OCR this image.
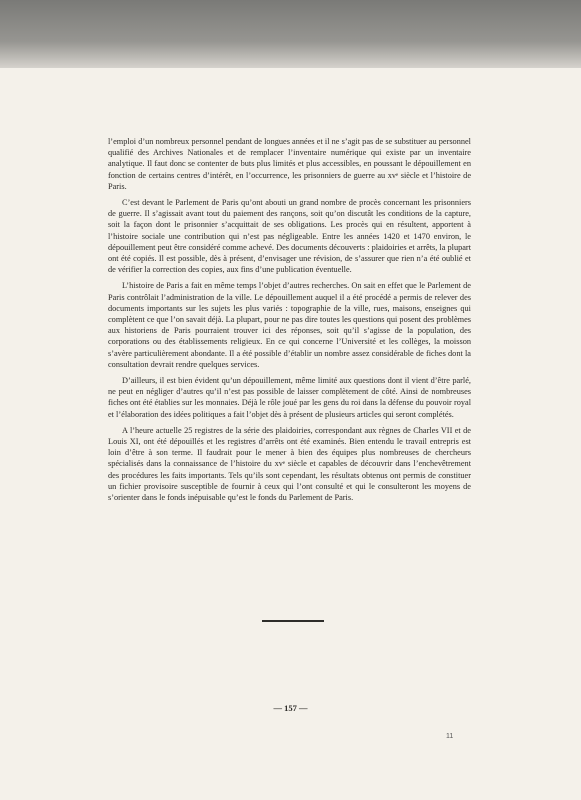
l’emploi d’un nombreux personnel pendant de longues années et il ne s’agit pas de se substituer au personnel qualifié des Archives Nationales et de remplacer l’inventaire numérique qui existe par un inventaire analytique. Il faut donc se contenter de buts plus limités et plus accessibles, en poussant le dépouillement en fonction de certains centres d’intérêt, en l’occurrence, les prisonniers de guerre au xvᵉ siècle et l’histoire de Paris.

C’est devant le Parlement de Paris qu’ont abouti un grand nombre de procès concernant les prisonniers de guerre. Il s’agissait avant tout du paiement des rançons, soit qu’on discutât les conditions de la capture, soit la façon dont le prisonnier s’acquittait de ses obligations. Les procès qui en résultent, apportent à l’histoire sociale une contribution qui n’est pas négligeable. Entre les années 1420 et 1470 environ, le dépouillement peut être considéré comme achevé. Des documents découverts : plaidoiries et arrêts, la plupart ont été copiés. Il est possible, dès à présent, d’envisager une révision, de s’assurer que rien n’a été oublié et de vérifier la correction des copies, aux fins d’une publication éventuelle.

L’histoire de Paris a fait en même temps l’objet d’autres recherches. On sait en effet que le Parlement de Paris contrôlait l’administration de la ville. Le dépouillement auquel il a été procédé a permis de relever des documents importants sur les sujets les plus variés : topographie de la ville, rues, maisons, enseignes qui complètent ce que l’on savait déjà. La plupart, pour ne pas dire toutes les questions qui posent des problèmes aux historiens de Paris pourraient trouver ici des réponses, soit qu’il s’agisse de la population, des corporations ou des établissements religieux. En ce qui concerne l’Université et les collèges, la moisson s’avère particulièrement abondante. Il a été possible d’établir un nombre assez considérable de fiches dont la consultation devrait rendre quelques services.

D’ailleurs, il est bien évident qu’un dépouillement, même limité aux questions dont il vient d’être parlé, ne peut en négliger d’autres qu’il n’est pas possible de laisser complètement de côté. Ainsi de nombreuses fiches ont été établies sur les monnaies. Déjà le rôle joué par les gens du roi dans la défense du pouvoir royal et l’élaboration des idées politiques a fait l’objet dès à présent de plusieurs articles qui seront complétés.

A l’heure actuelle 25 registres de la série des plaidoiries, correspondant aux règnes de Charles VII et de Louis XI, ont été dépouillés et les registres d’arrêts ont été examinés. Bien entendu le travail entrepris est loin d’être à son terme. Il faudrait pour le mener à bien des équipes plus nombreuses de chercheurs spécialisés dans la connaissance de l’histoire du xvᵉ siècle et capables de découvrir dans l’enchevêtrement des procédures les faits importants. Tels qu’ils sont cependant, les résultats obtenus ont permis de constituer un fichier provisoire susceptible de fournir à ceux qui l’ont consulté et qui le consulteront les moyens de s’orienter dans le fonds inépuisable qu’est le fonds du Parlement de Paris.

— 157 —
11
